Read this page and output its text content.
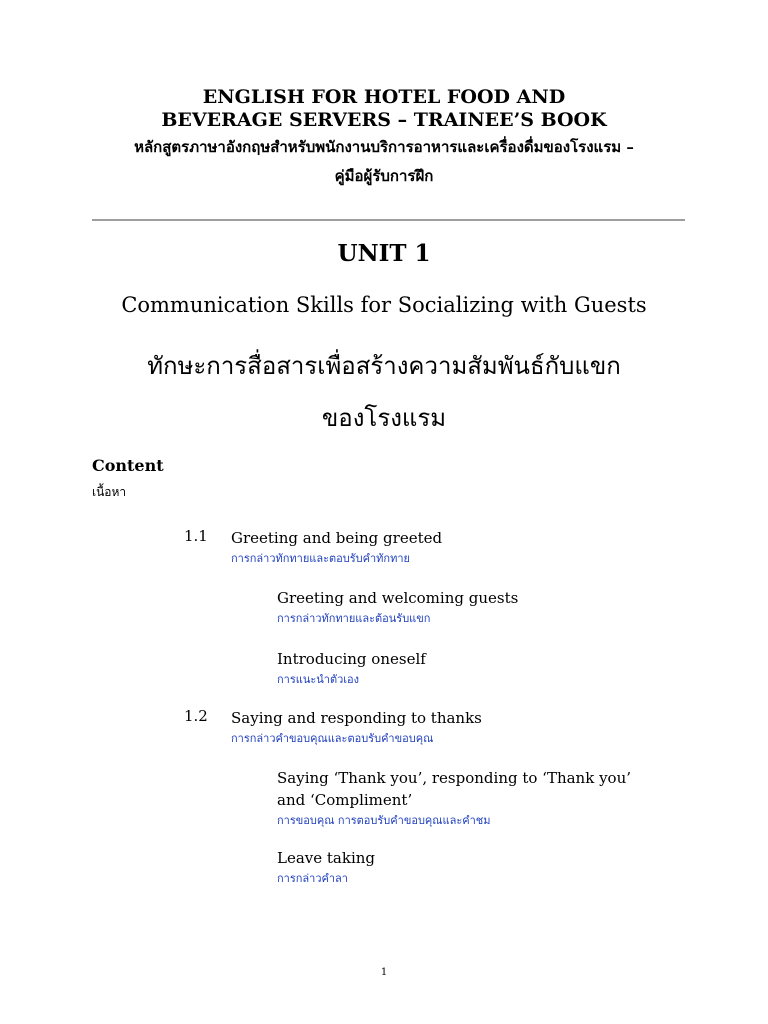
ENGLISH FOR HOTEL FOOD AND
BEVERAGE SERVERS – TRAINEE’S BOOK
หลักสูตรภาษาอังกฤษสำหรับพนักงานบริการอาหารและเครื่องดื่มของโรงแรม –
คู่มือผู้รับการฝึก
UNIT 1
Communication Skills for Socializing with Guests
ทักษะการสื่อสารเพื่อสร้างความสัมพันธ์กับแขก
ของโรงแรม
Content
เนื้อหา
1.1 Greeting and being greeted
การกล่าวทักทายและตอบรับคำทักทาย
Greeting and welcoming guests
การกล่าวทักทายและต้อนรับแขก
Introducing oneself
การแนะนำตัวเอง
1.2 Saying and responding to thanks
การกล่าวคำขอบคุณและตอบรับคำขอบคุณ
Saying ‘Thank you’, responding to ‘Thank you’
and ‘Compliment’
การขอบคุณ การตอบรับคำขอบคุณและคำชม
Leave taking
การกล่าวคำลา
1
